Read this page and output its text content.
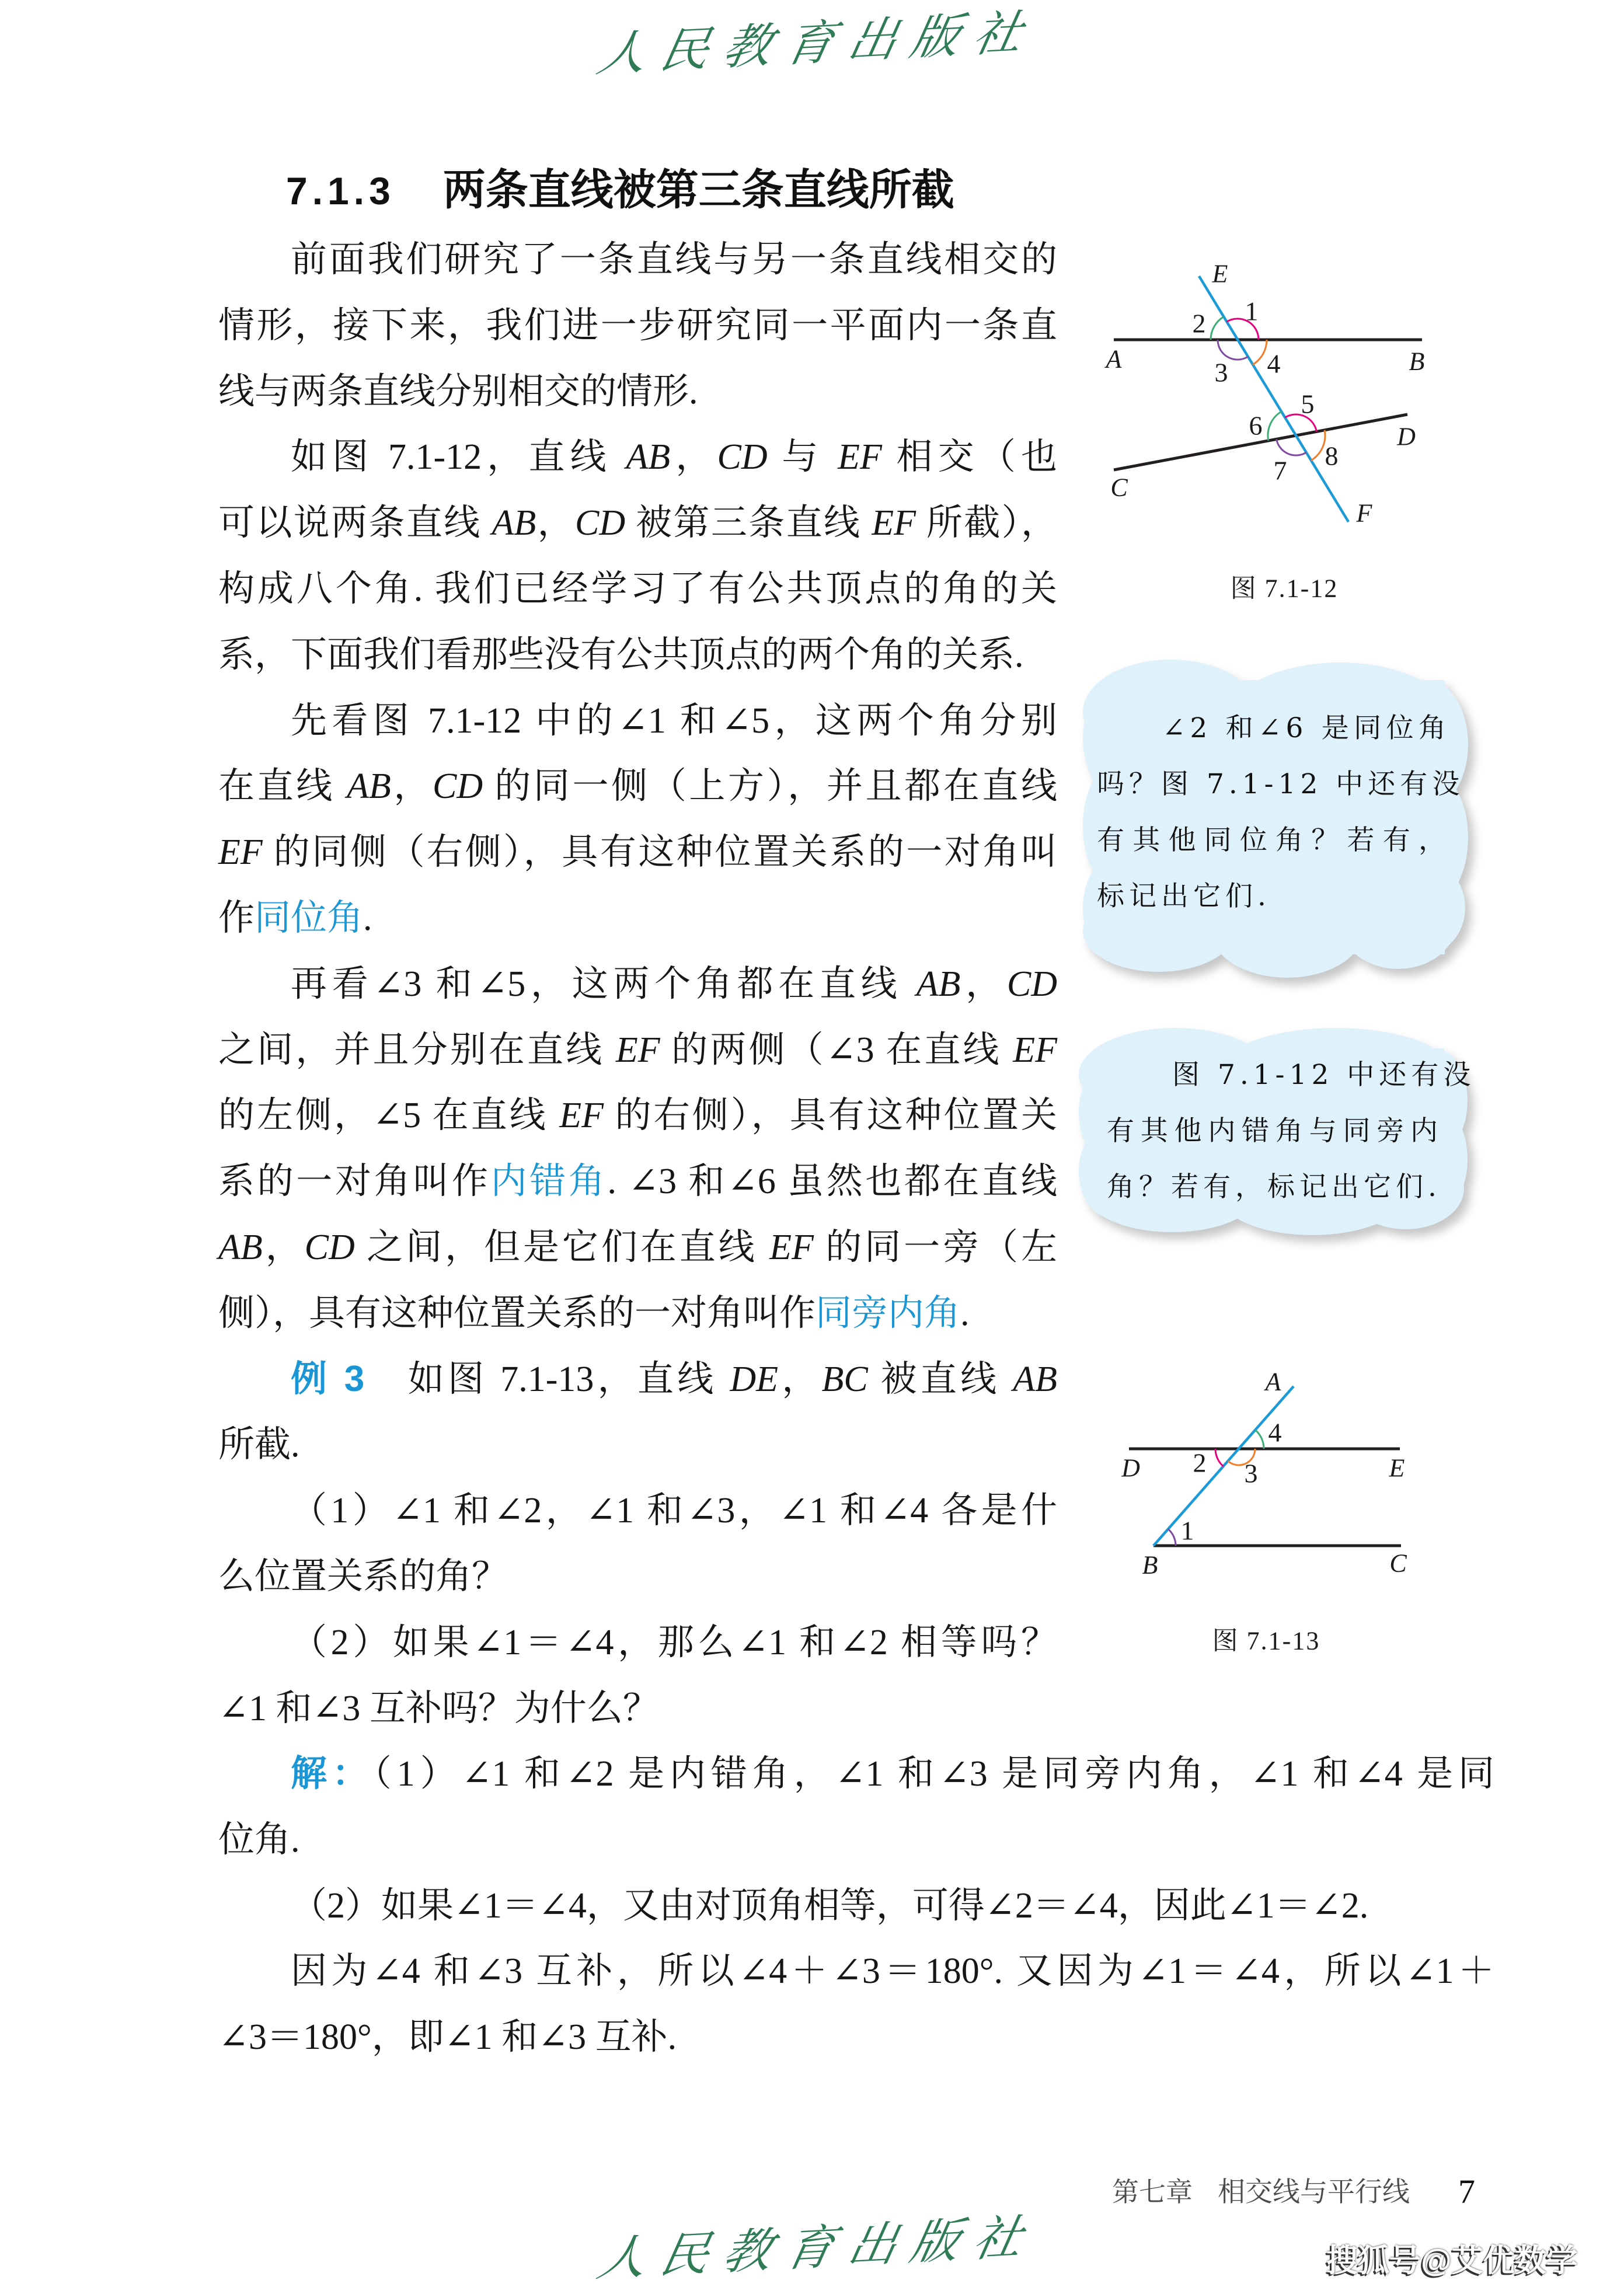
人民教育出版社
7.1.3 两条直线被第三条直线所截
前面我们研究了一条直线与另一条直线相交的
情形，接下来，我们进一步研究同一平面内一条直
线与两条直线分别相交的情形.
如图 7.1-12，直线 AB，CD 与 EF 相交（也
可以说两条直线 AB，CD 被第三条直线 EF 所截），
构成八个角. 我们已经学习了有公共顶点的角的关
系，下面我们看那些没有公共顶点的两个角的关系.
先看图 7.1-12 中的∠1 和∠5，这两个角分别
在直线 AB，CD 的同一侧（上方），并且都在直线
EF 的同侧（右侧），具有这种位置关系的一对角叫
作同位角.
再看∠3 和∠5，这两个角都在直线 AB，CD
之间，并且分别在直线 EF 的两侧（∠3 在直线 EF
的左侧，∠5 在直线 EF 的右侧），具有这种位置关
系的一对角叫作内错角. ∠3 和∠6 虽然也都在直线
AB，CD 之间，但是它们在直线 EF 的同一旁（左
侧），具有这种位置关系的一对角叫作同旁内角.
例 3　如图 7.1-13，直线 DE，BC 被直线 AB
所截.
（1）∠1 和∠2，∠1 和∠3，∠1 和∠4 各是什
么位置关系的角？
（2）如果∠1＝∠4，那么∠1 和∠2 相等吗？
∠1 和∠3 互补吗？为什么？
解：（1）∠1 和∠2 是内错角，∠1 和∠3 是同旁内角，∠1 和∠4 是同
位角.
（2）如果∠1＝∠4，又由对顶角相等，可得∠2＝∠4，因此∠1＝∠2.
因为∠4 和∠3 互补，所以∠4＋∠3＝180°. 又因为∠1＝∠4，所以∠1＋
∠3＝180°，即∠1 和∠3 互补.
E
A	B
D
C
F
1
2
3 4
5
6
7 8
图 7.1-12
∠2 和∠6 是同位角
吗？图 7.1-12 中还有没
有其他同位角？若有，
标记出它们.
图 7.1-12 中还有没
有其他内错角与同旁内
角？若有，标记出它们.
A
D	E
B	C
1
2 3
4
图 7.1-13
第七章 相交线与平行线 7
人民教育出版社	搜狐号@艾优数学
